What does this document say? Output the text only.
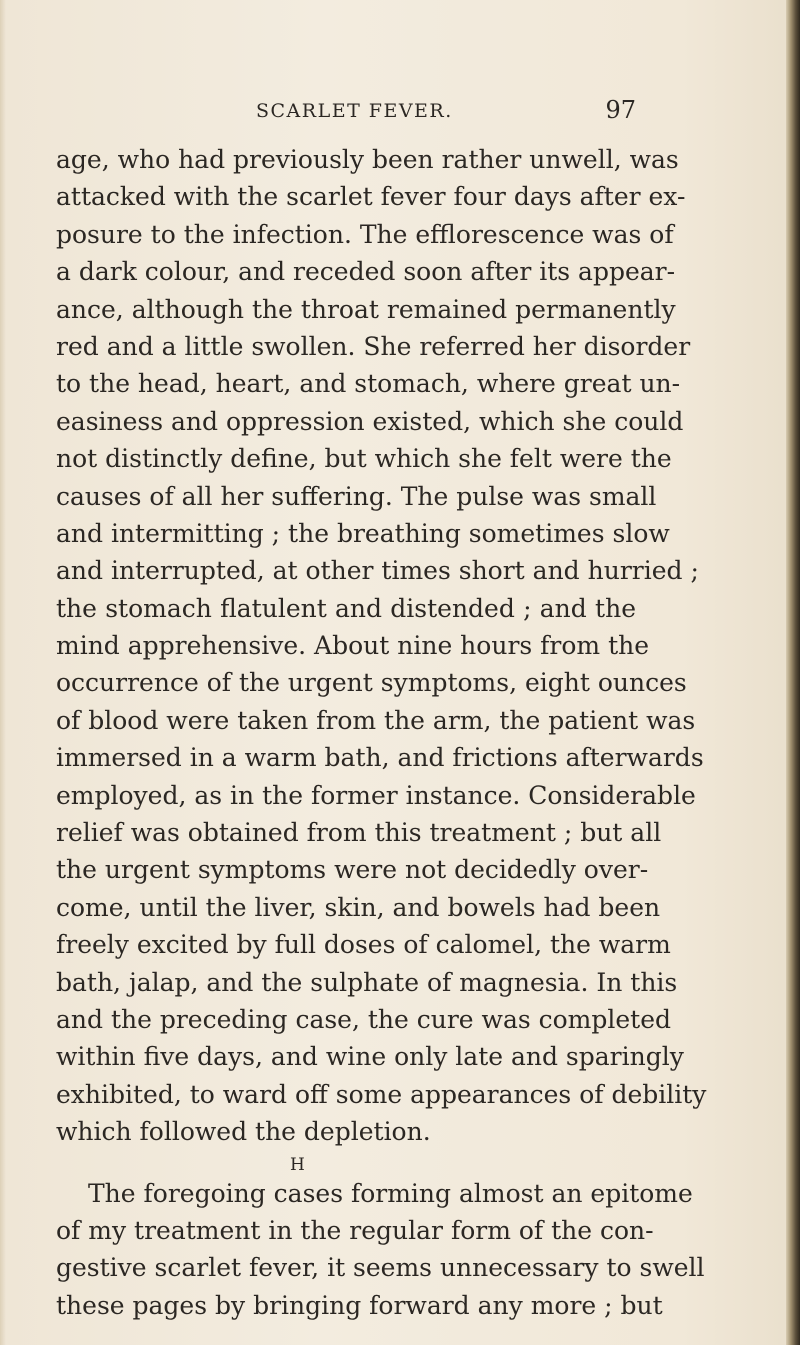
SCARLET FEVER.	97
age, who had previously been rather unwell, was
attacked with the scarlet fever four days after ex-
posure to the infection. The efflorescence was of
a dark colour, and receded soon after its appear-
ance, although the throat remained permanently
red and a little swollen. She referred her disorder
to the head, heart, and stomach, where great un-
easiness and oppression existed, which she could
not distinctly define, but which she felt were the
causes of all her suffering. The pulse was small
and intermitting ; the breathing sometimes slow
and interrupted, at other times short and hurried ;
the stomach flatulent and distended ; and the
mind apprehensive. About nine hours from the
occurrence of the urgent symptoms, eight ounces
of blood were taken from the arm, the patient was
immersed in a warm bath, and frictions afterwards
employed, as in the former instance. Considerable
relief was obtained from this treatment ; but all
the urgent symptoms were not decidedly over-
come, until the liver, skin, and bowels had been
freely excited by full doses of calomel, the warm
bath, jalap, and the sulphate of magnesia. In this
and the preceding case, the cure was completed
within five days, and wine only late and sparingly
exhibited, to ward off some appearances of debility
which followed the depletion.
The foregoing cases forming almost an epitome
of my treatment in the regular form of the con-
gestive scarlet fever, it seems unnecessary to swell
these pages by bringing forward any more ; but
H
